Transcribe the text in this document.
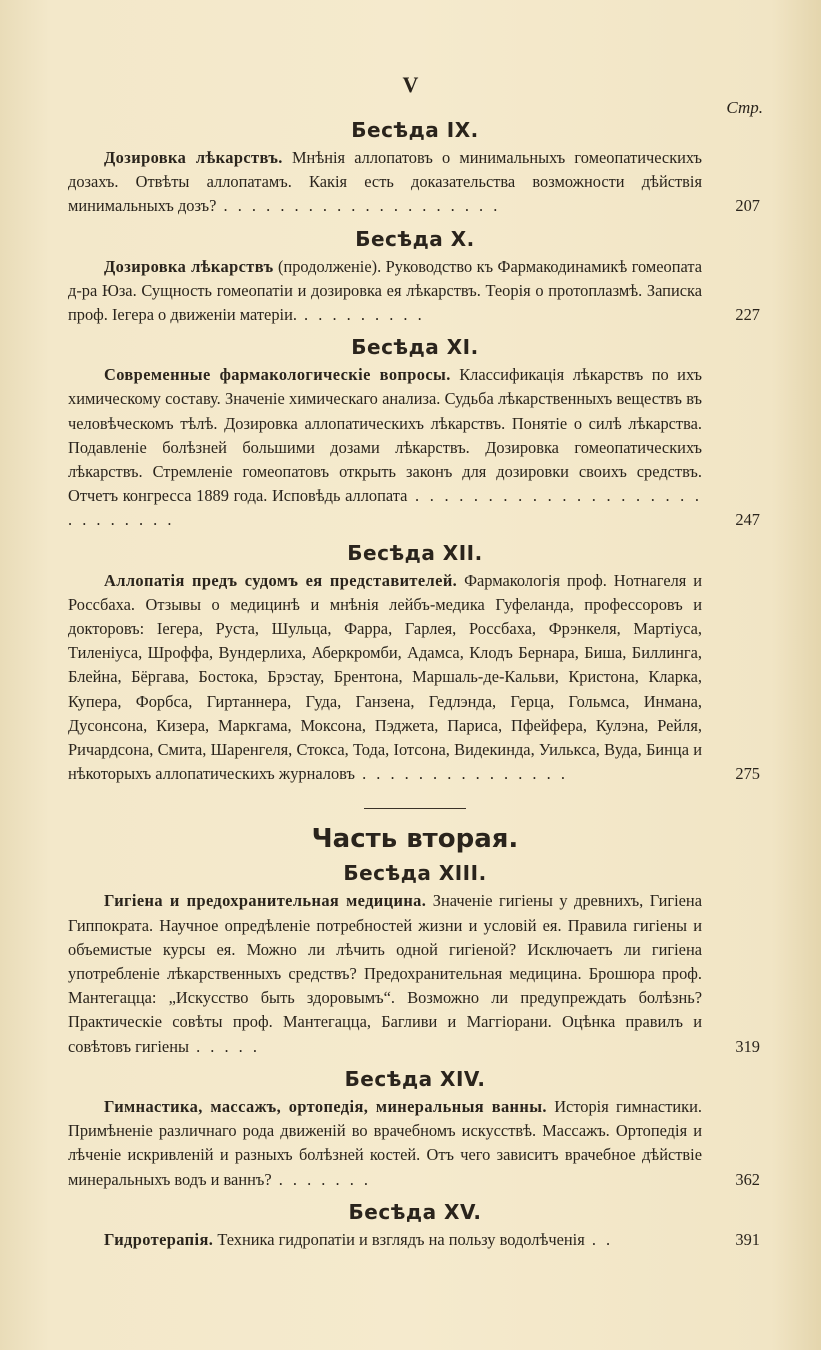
V
Стр.
Бесѣда IX.

Дозировка лѣкарствъ. Мнѣнія аллопатовъ о минимальныхъ гомеопатическихъ дозахъ. Отвѣты аллопатамъ. Какія есть доказательства возможности дѣйствія минимальныхъ дозъ? . . . . . . . . . . . . . . . . . . . .	207

Бесѣда X.

Дозировка лѣкарствъ (продолженіе). Руководство къ Фармакодинамикѣ гомеопата д-ра Юза. Сущность гомеопатіи и дозировка ея лѣкарствъ. Теорія о протоплазмѣ. Записка проф. Іегера о движеніи матеріи. . . . . . . . . .	227

Бесѣда XI.

Современные фармакологическіе вопросы. Классификація лѣкарствъ по ихъ химическому составу. Значеніе химическаго анализа. Судьба лѣкарственныхъ веществъ въ человѣческомъ тѣлѣ. Дозировка аллопатическихъ лѣкарствъ. Понятіе о силѣ лѣкарства. Подавленіе болѣзней большими дозами лѣкарствъ. Дозировка гомеопатическихъ лѣкарствъ. Стремленіе гомеопатовъ открыть законъ для дозировки своихъ средствъ. Отчетъ конгресса 1889 года. Исповѣдь аллопата . . . . . . . . . . . . . . . . . . . . . . . . . . . .	247

Бесѣда XII.

Аллопатія предъ судомъ ея представителей. Фармакологія проф. Нотнагеля и Россбаха. Отзывы о медицинѣ и мнѣнія лейбъ-медика Гуфеланда, профессоровъ и докторовъ: Іегера, Руста, Шульца, Фарра, Гарлея, Россбаха, Фрэнкеля, Мартіуса, Тиленіуса, Шроффа, Вундерлиха, Аберкромби, Адамса, Клодъ Бернара, Биша, Биллинга, Блейна, Бёргава, Бостока, Брэстау, Брентона, Маршаль-де-Кальви, Кристона, Кларка, Купера, Форбса, Гиртаннера, Гуда, Ганзена, Гедлэнда, Герца, Гольмса, Инмана, Дусонсона, Кизера, Маркгама, Моксона, Пэджета, Париса, Пфейфера, Кулэна, Рейля, Ричардсона, Смита, Шаренгеля, Стокса, Тода, Іотсона, Видекинда, Уилькса, Вуда, Бинца и нѣкоторыхъ аллопатическихъ журналовъ . . . . . . . . . . . . . . .	275

Часть вторая.
Бесѣда XIII.

Гигіена и предохранительная медицина. Значеніе гигіены у древнихъ, Гигіена Гиппократа. Научное опредѣленіе потребностей жизни и условій ея. Правила гигіены и объемистые курсы ея. Можно ли лѣчить одной гигіеной? Исключаетъ ли гигіена употребленіе лѣкарственныхъ средствъ? Предохранительная медицина. Брошюра проф. Мантегацца: „Искусство быть здоровымъ“. Возможно ли предупреждать болѣзнь? Практическіе совѣты проф. Мантегацца, Багливи и Маггіорани. Оцѣнка правилъ и совѣтовъ гигіены . . . . .	319

Бесѣда XIV.

Гимнастика, массажъ, ортопедія, минеральныя ванны. Исторія гимнастики. Примѣненіе различнаго рода движеній во врачебномъ искусствѣ. Массажъ. Ортопедія и лѣченіе искривленій и разныхъ болѣзней костей. Отъ чего зависитъ врачебное дѣйствіе минеральныхъ водъ и ваннъ? . . . . . . .	362

Бесѣда XV.

Гидротерапія. Техника гидропатіи и взглядъ на пользу водолѣченія . .	391
